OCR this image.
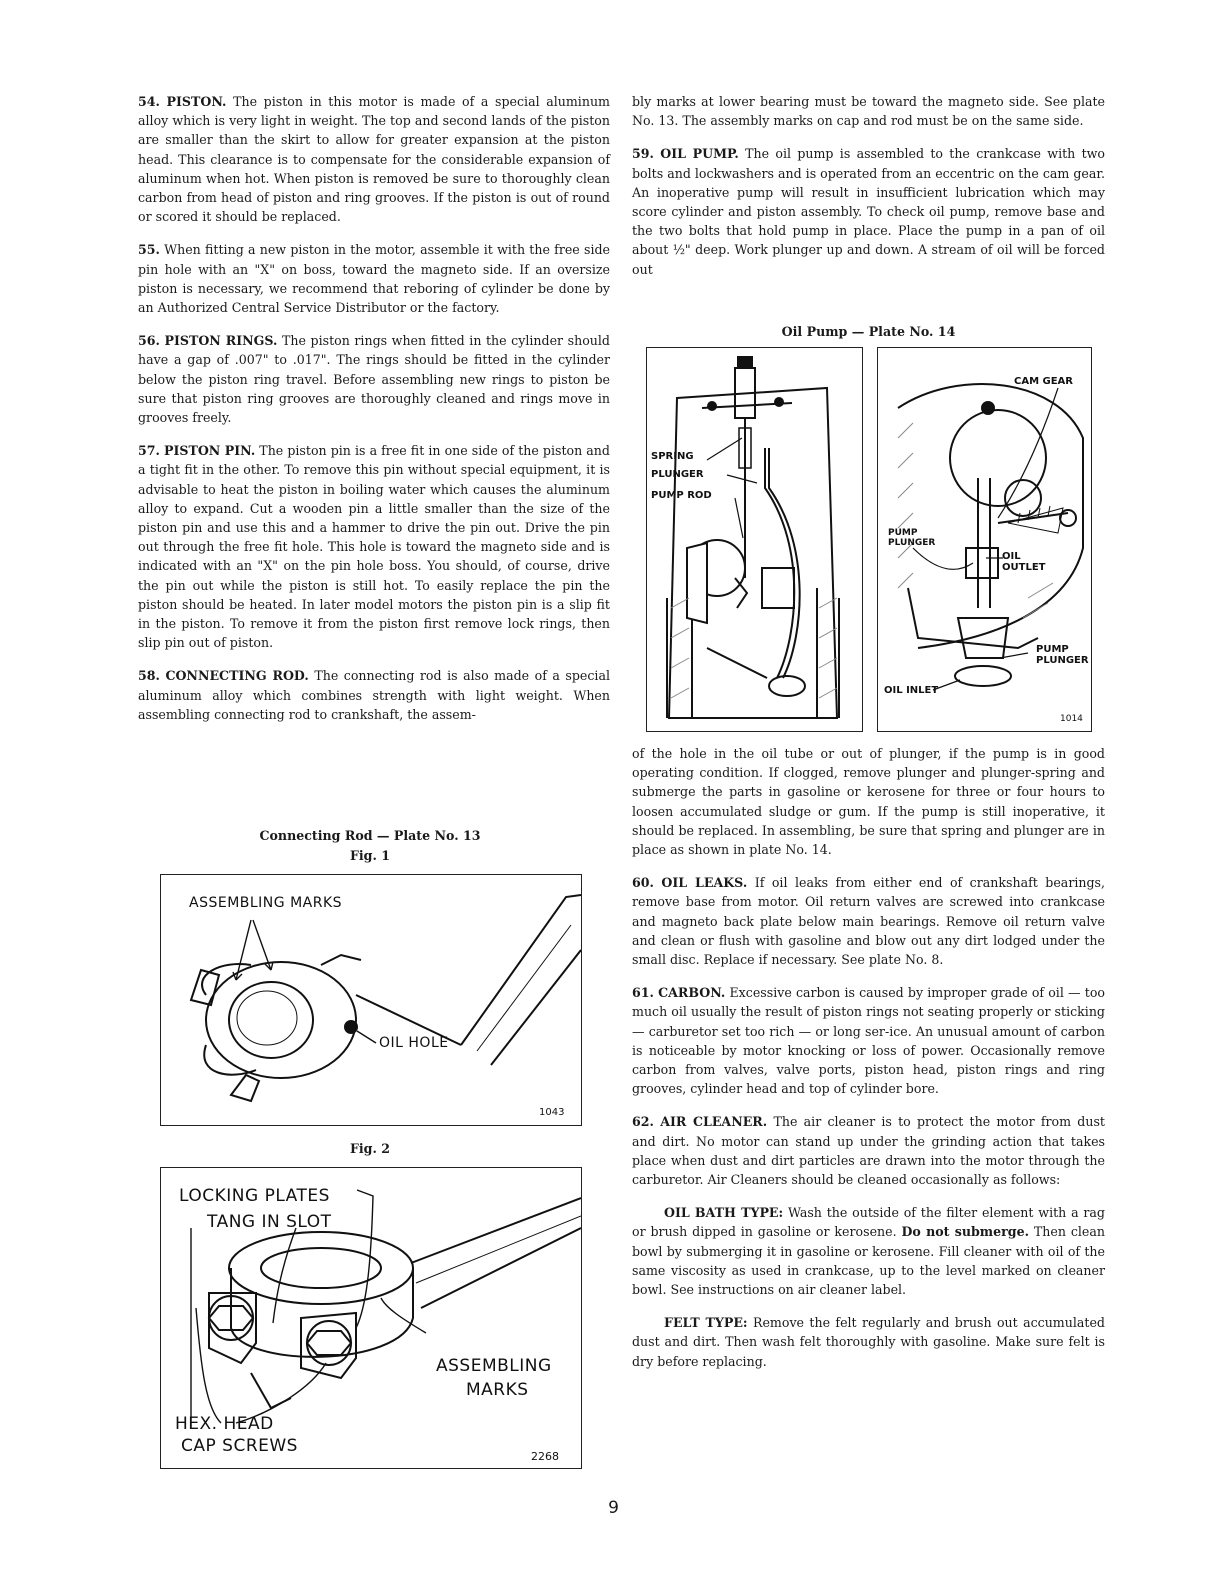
54. PISTON. The piston in this motor is made of a special aluminum alloy which is very light in weight. The top and second lands of the piston are smaller than the skirt to allow for greater expansion at the piston head. This clearance is to compensate for the considerable expansion of aluminum when hot. When piston is removed be sure to thoroughly clean carbon from head of piston and ring grooves. If the piston is out of round or scored it should be replaced.

55. When fitting a new piston in the motor, assemble it with the free side pin hole with an "X" on boss, toward the magneto side. If an oversize piston is necessary, we recommend that reboring of cylinder be done by an Authorized Central Service Distributor or the factory.

56. PISTON RINGS. The piston rings when fitted in the cylinder should have a gap of .007" to .017". The rings should be fitted in the cylinder below the piston ring travel. Before assembling new rings to piston be sure that piston ring grooves are thoroughly cleaned and rings move in grooves freely.

57. PISTON PIN. The piston pin is a free fit in one side of the piston and a tight fit in the other. To remove this pin without special equipment, it is advisable to heat the piston in boiling water which causes the aluminum alloy to expand. Cut a wooden pin a little smaller than the size of the piston pin and use this and a hammer to drive the pin out. Drive the pin out through the free fit hole. This hole is toward the magneto side and is indicated with an "X" on the pin hole boss. You should, of course, drive the pin out while the piston is still hot. To easily replace the pin the piston should be heated. In later model motors the piston pin is a slip fit in the piston. To remove it from the piston first remove lock rings, then slip pin out of piston.

58. CONNECTING ROD. The connecting rod is also made of a special aluminum alloy which combines strength with light weight. When assembling connecting rod to crankshaft, the assem-

Connecting Rod — Plate No. 13
Fig. 1
ASSEMBLING MARKS
OIL HOLE
1043
Fig. 2
LOCKING PLATES
TANG IN SLOT
ASSEMBLING
MARKS
HEX. HEAD
CAP SCREWS
2268

bly marks at lower bearing must be toward the magneto side. See plate No. 13. The assembly marks on cap and rod must be on the same side.

59. OIL PUMP. The oil pump is assembled to the crankcase with two bolts and lockwashers and is operated from an eccentric on the cam gear. An inoperative pump will result in insufficient lubrication which may score cylinder and piston assembly. To check oil pump, remove base and the two bolts that hold pump in place. Place the pump in a pan of oil about ½" deep. Work plunger up and down. A stream of oil will be forced out

Oil Pump — Plate No. 14
SPRING
PLUNGER
PUMP ROD
CAM GEAR
PUMP PLUNGER
OIL
OUTLET
PUMP
PLUNGER
OIL INLET
1014

of the hole in the oil tube or out of plunger, if the pump is in good operating condition. If clogged, remove plunger and plunger-spring and submerge the parts in gasoline or kerosene for three or four hours to loosen accumulated sludge or gum. If the pump is still inoperative, it should be replaced. In assembling, be sure that spring and plunger are in place as shown in plate No. 14.

60. OIL LEAKS. If oil leaks from either end of crankshaft bearings, remove base from motor. Oil return valves are screwed into crankcase and magneto back plate below main bearings. Remove oil return valve and clean or flush with gasoline and blow out any dirt lodged under the small disc. Replace if necessary. See plate No. 8.

61. CARBON. Excessive carbon is caused by improper grade of oil — too much oil usually the result of piston rings not seating properly or sticking — carburetor set too rich — or long ser‑ice. An unusual amount of carbon is noticeable by motor knocking or loss of power. Occasionally remove carbon from valves, valve ports, piston head, piston rings and ring grooves, cylinder head and top of cylinder bore.

62. AIR CLEANER. The air cleaner is to protect the motor from dust and dirt. No motor can stand up under the grinding action that takes place when dust and dirt particles are drawn into the motor through the carburetor. Air Cleaners should be cleaned occasionally as follows:

OIL BATH TYPE: Wash the outside of the filter element with a rag or brush dipped in gasoline or kerosene. Do not submerge. Then clean bowl by submerging it in gasoline or kerosene. Fill cleaner with oil of the same viscosity as used in crankcase, up to the level marked on cleaner bowl. See instructions on air cleaner label.

FELT TYPE: Remove the felt regularly and brush out accumulated dust and dirt. Then wash felt thoroughly with gasoline. Make sure felt is dry before replacing.

9
